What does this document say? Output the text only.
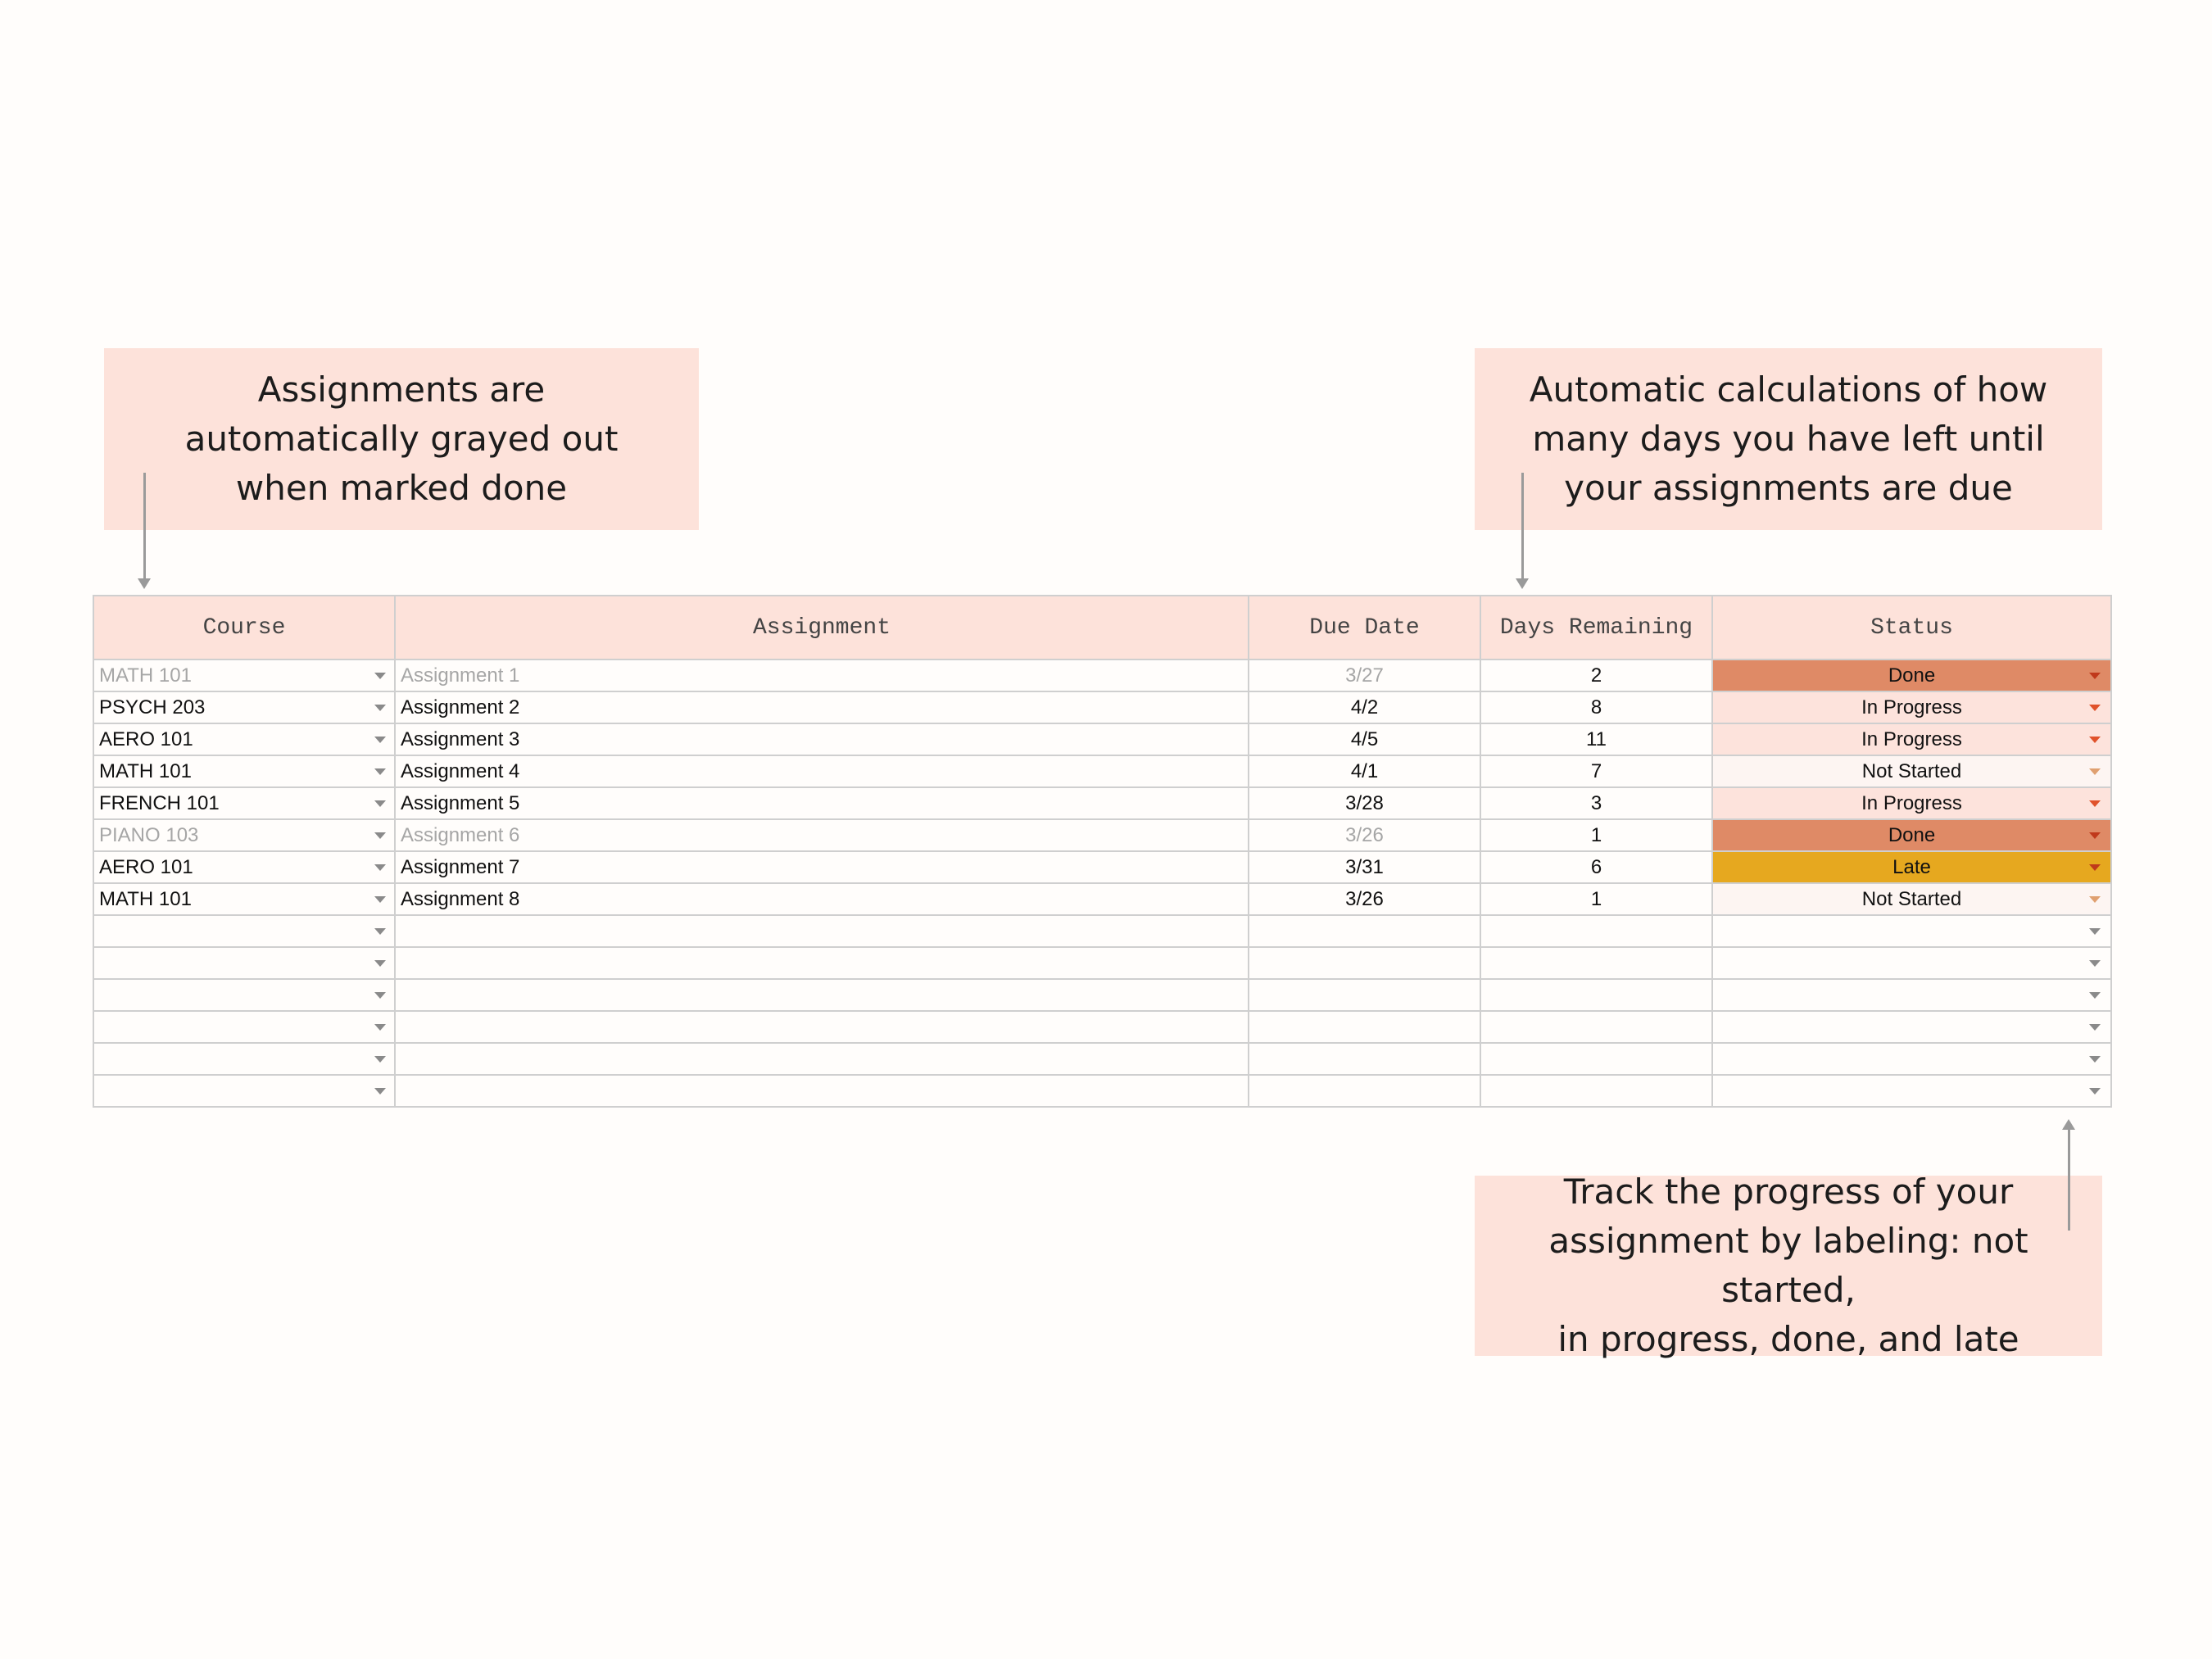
Assignments are
automatically grayed out
when marked done
Automatic calculations of how
many days you have left until
your assignments are due
Track the progress of your
assignment by labeling: not started,
in progress, done, and late
Course	Assignment	Due Date	Days Remaining	Status
MATH 101	Assignment 1	3/27	2	Done

PSYCH 203	Assignment 2	4/2	8	In Progress

AERO 101	Assignment 3	4/5	11	In Progress

MATH 101	Assignment 4	4/1	7	Not Started

FRENCH 101	Assignment 5	3/28	3	In Progress

PIANO 103	Assignment 6	3/26	1	Done

AERO 101	Assignment 7	3/31	6	Late

MATH 101	Assignment 8	3/26	1	Not Started
